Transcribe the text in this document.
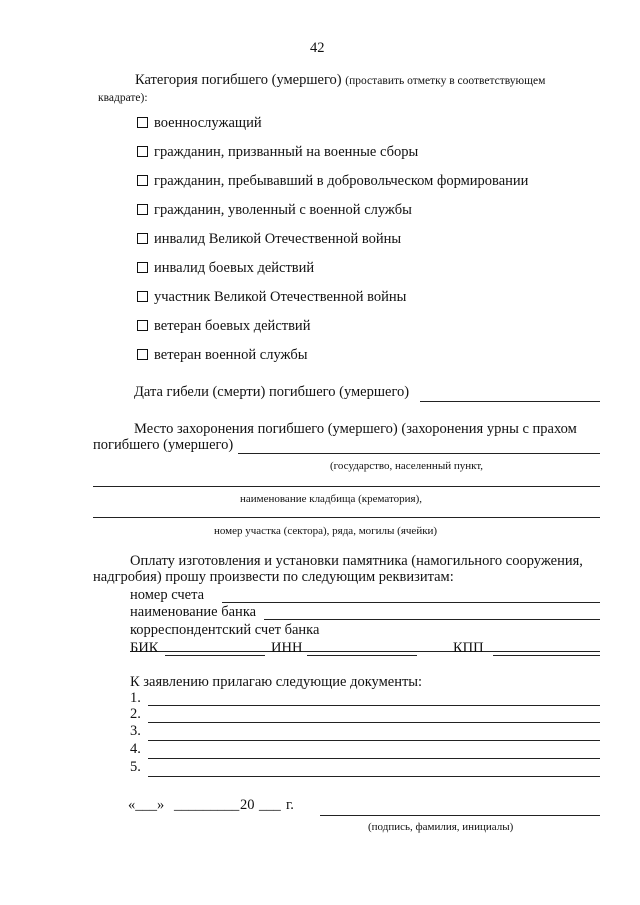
42
Категория погибшего (умершего) (проставить отметку в соответствующем
квадрате):
военнослужащий
гражданин, призванный на военные сборы
гражданин, пребывавший в добровольческом формировании
гражданин, уволенный с военной службы
инвалид Великой Отечественной войны
инвалид боевых действий
участник Великой Отечественной войны
ветеран боевых действий
ветеран военной службы
Дата гибели (смерти) погибшего (умершего)
Место захоронения погибшего (умершего) (захоронения урны с прахом
погибшего (умершего)
(государство, населенный пункт,
наименование кладбища (крематория),
номер участка (сектора), ряда, могилы (ячейки)
Оплату изготовления и установки памятника (намогильного сооружения,
надгробия) прошу произвести по следующим реквизитам:
номер счета
наименование банка
корреспондентский счет банка
БИК	ИНН	КПП
К заявлению прилагаю следующие документы:
1.
2.
3.
4.
5.
«___» _________ 20 ___ г.
(подпись, фамилия, инициалы)
